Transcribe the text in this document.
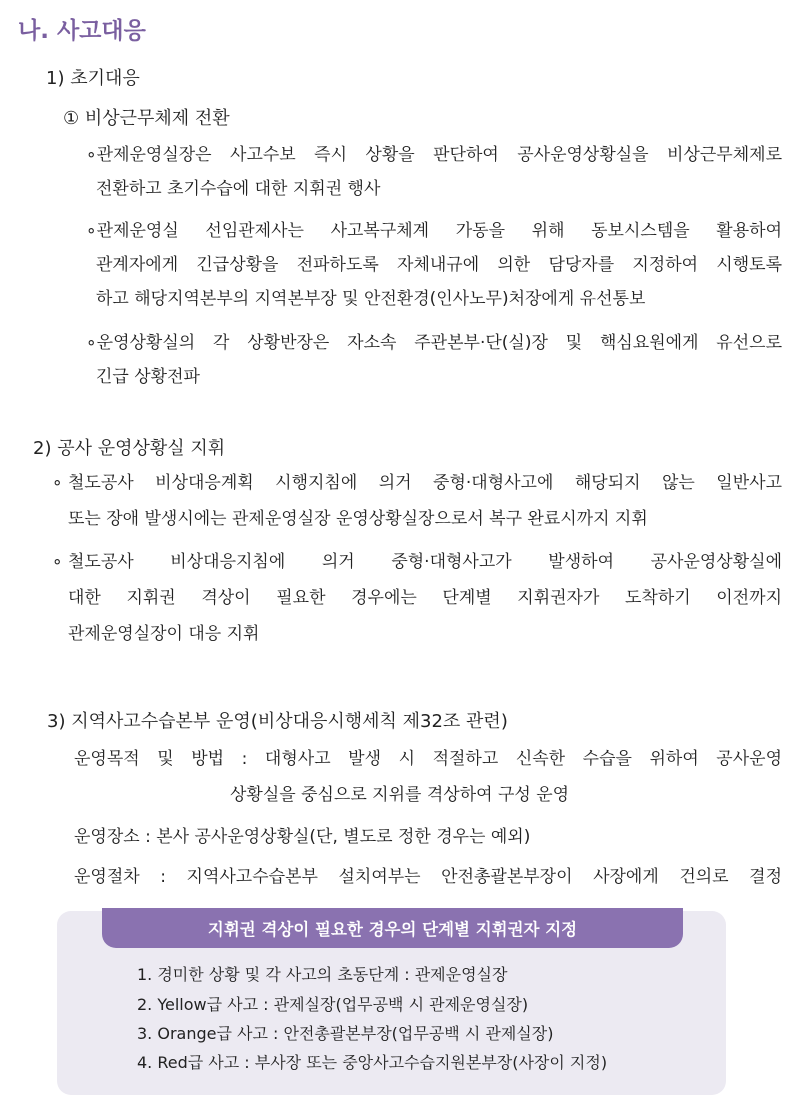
나. 사고대응
1) 초기대응
① 비상근무체제 전환
∘관제운영실장은 사고수보 즉시 상황을 판단하여 공사운영상황실을 비상근무체제로
전환하고 초기수습에 대한 지휘권 행사
∘관제운영실 선임관제사는 사고복구체계 가동을 위해 동보시스템을 활용하여
관계자에게 긴급상황을 전파하도록 자체내규에 의한 담당자를 지정하여 시행토록
하고 해당지역본부의 지역본부장 및 안전환경(인사노무)처장에게 유선통보
∘운영상황실의 각 상황반장은 자소속 주관본부·단(실)장 및 핵심요원에게 유선으로
긴급 상황전파
2) 공사 운영상황실 지휘
∘ 철도공사 비상대응계획 시행지침에 의거 중형·대형사고에 해당되지 않는 일반사고
또는 장애 발생시에는 관제운영실장 운영상황실장으로서 복구 완료시까지 지휘
∘ 철도공사 비상대응지침에 의거 중형·대형사고가 발생하여 공사운영상황실에
대한 지휘권 격상이 필요한 경우에는 단계별 지휘권자가 도착하기 이전까지
관제운영실장이 대응 지휘
3) 지역사고수습본부 운영(비상대응시행세칙 제32조 관련)
운영목적 및 방법 : 대형사고 발생 시 적절하고 신속한 수습을 위하여 공사운영
상황실을 중심으로 지위를 격상하여 구성 운영
운영장소 : 본사 공사운영상황실(단, 별도로 정한 경우는 예외)
운영절차 : 지역사고수습본부 설치여부는 안전총괄본부장이 사장에게 건의로 결정
지휘권 격상이 필요한 경우의 단계별 지휘권자 지정
1. 경미한 상황 및 각 사고의 초동단계 : 관제운영실장
2. Yellow급 사고 : 관제실장(업무공백 시 관제운영실장)
3. Orange급 사고 : 안전총괄본부장(업무공백 시 관제실장)
4. Red급 사고 : 부사장 또는 중앙사고수습지원본부장(사장이 지정)
